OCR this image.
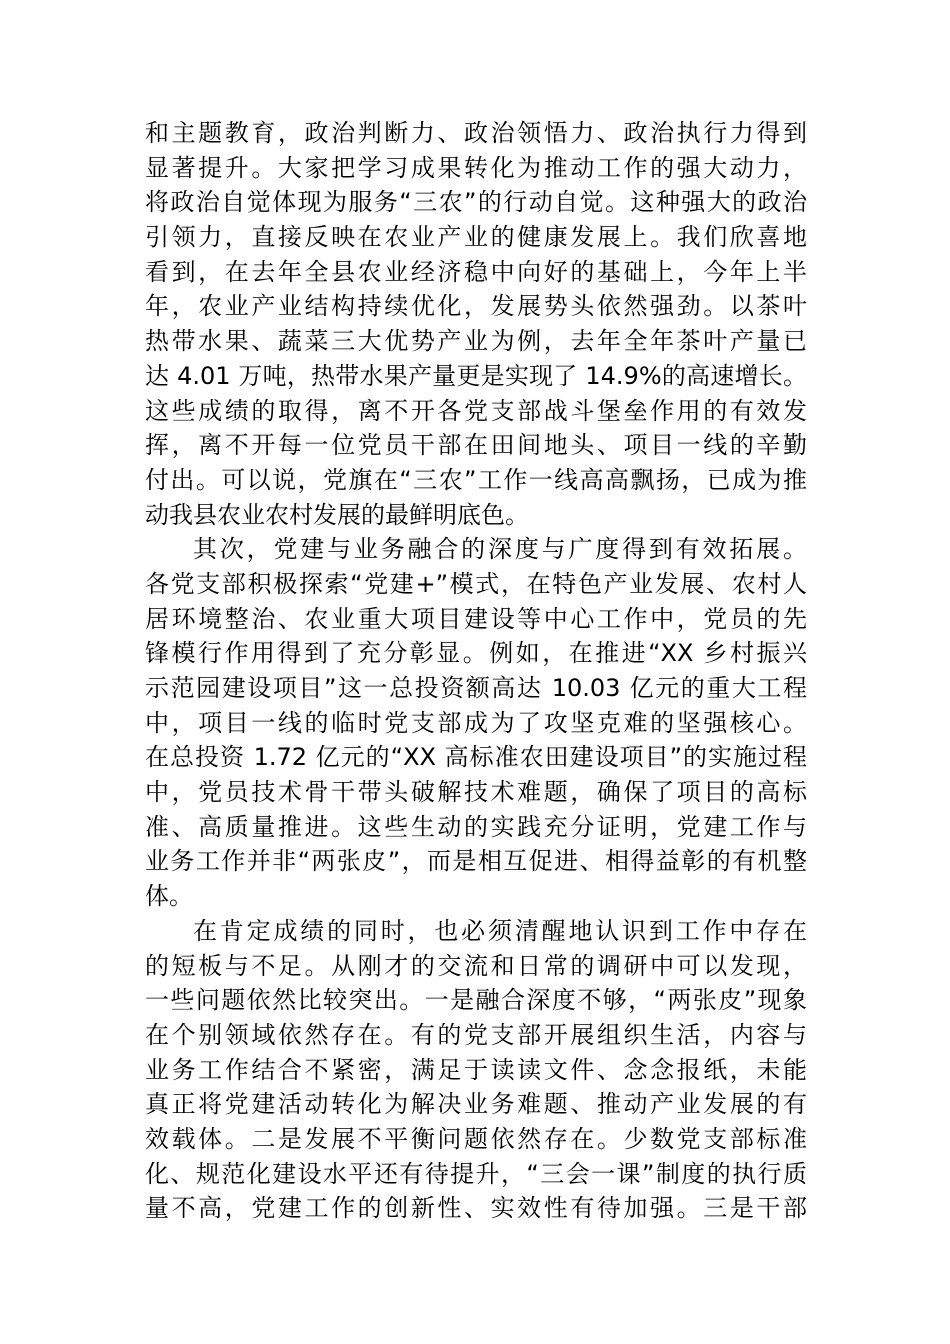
和主题教育，政治判断力、政治领悟力、政治执行力得到
显著提升。大家把学习成果转化为推动工作的强大动力，
将政治自觉体现为服务“三农”的行动自觉。这种强大的政治
引领力，直接反映在农业产业的健康发展上。我们欣喜地
看到，在去年全县农业经济稳中向好的基础上，今年上半
年，农业产业结构持续优化，发展势头依然强劲。以茶叶
热带水果、蔬菜三大优势产业为例，去年全年茶叶产量已
达 4.01 万吨，热带水果产量更是实现了 14.9%的高速增长。
这些成绩的取得，离不开各党支部战斗堡垒作用的有效发
挥，离不开每一位党员干部在田间地头、项目一线的辛勤
付出。可以说，党旗在“三农”工作一线高高飘扬，已成为推
动我县农业农村发展的最鲜明底色。
其次，党建与业务融合的深度与广度得到有效拓展。
各党支部积极探索“党建+”模式，在特色产业发展、农村人
居环境整治、农业重大项目建设等中心工作中，党员的先
锋模行作用得到了充分彰显。例如，在推进“XX 乡村振兴
示范园建设项目”这一总投资额高达 10.03 亿元的重大工程
中，项目一线的临时党支部成为了攻坚克难的坚强核心。
在总投资 1.72 亿元的“XX 高标准农田建设项目”的实施过程
中，党员技术骨干带头破解技术难题，确保了项目的高标
准、高质量推进。这些生动的实践充分证明，党建工作与
业务工作并非“两张皮”，而是相互促进、相得益彰的有机整
体。
在肯定成绩的同时，也必须清醒地认识到工作中存在
的短板与不足。从刚才的交流和日常的调研中可以发现，
一些问题依然比较突出。一是融合深度不够，“两张皮”现象
在个别领域依然存在。有的党支部开展组织生活，内容与
业务工作结合不紧密，满足于读读文件、念念报纸，未能
真正将党建活动转化为解决业务难题、推动产业发展的有
效载体。二是发展不平衡问题依然存在。少数党支部标准
化、规范化建设水平还有待提升，“三会一课”制度的执行质
量不高，党建工作的创新性、实效性有待加强。三是干部
